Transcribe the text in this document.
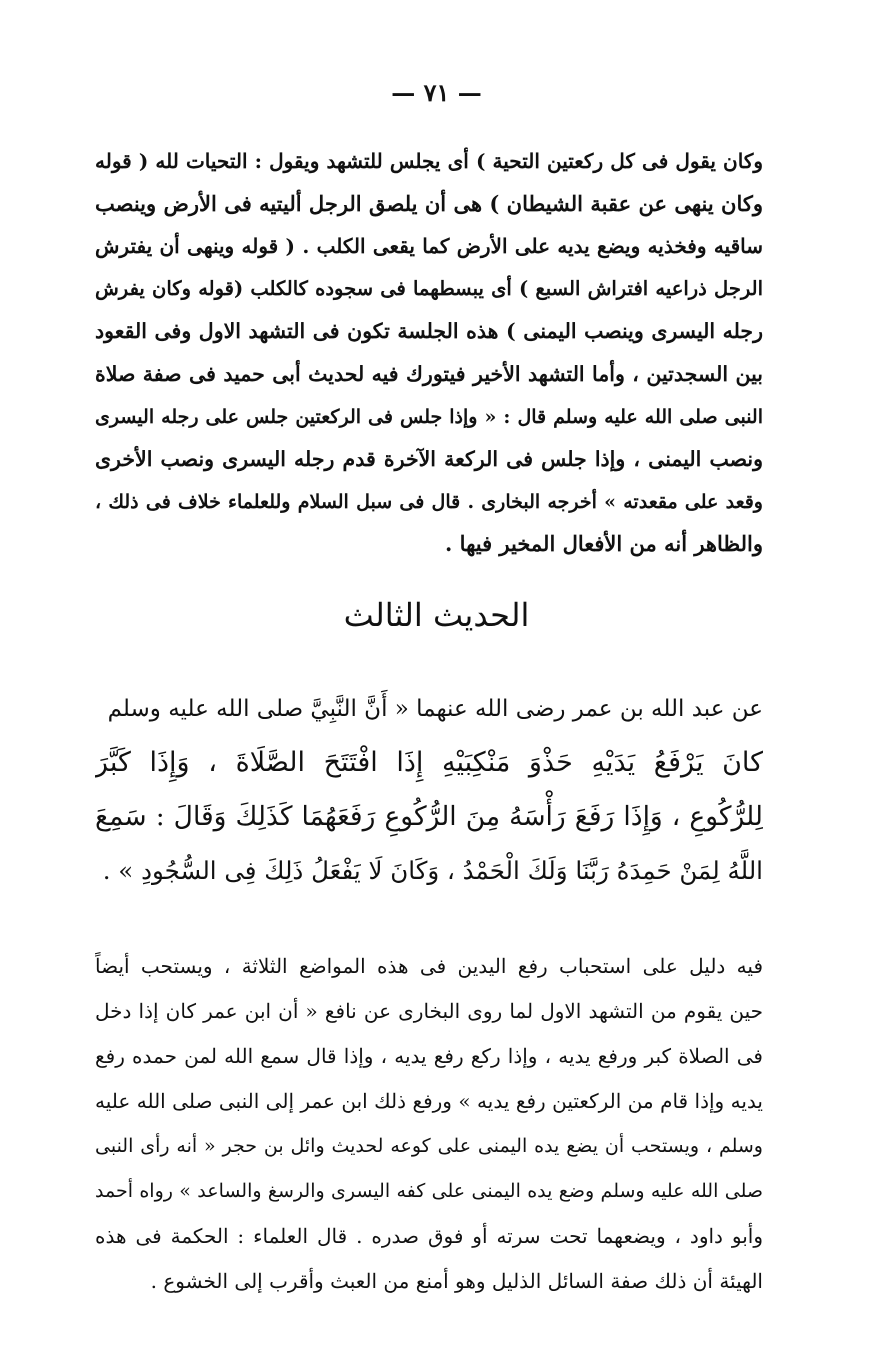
— ٧١ —
وكان يقول فى كل ركعتين التحية ) أى يجلس للتشهد ويقول : التحيات لله ( قوله
وكان ينهى عن عقبة الشيطان ) هى أن يلصق الرجل أليتيه فى الأرض وينصب
ساقيه وفخذيه ويضع يديه على الأرض كما يقعى الكلب . ( قوله وينهى أن يفترش
الرجل ذراعيه افتراش السبع ) أى يبسطهما فى سجوده كالكلب (قوله وكان يفرش
رجله اليسرى وينصب اليمنى ) هذه الجلسة تكون فى التشهد الاول وفى القعود
بين السجدتين ، وأما التشهد الأخير فيتورك فيه لحديث أبى حميد فى صفة صلاة
النبى صلى الله عليه وسلم قال : « وإذا جلس فى الركعتين جلس على رجله اليسرى
ونصب اليمنى ، وإذا جلس فى الركعة الآخرة قدم رجله اليسرى ونصب الأخرى
وقعد على مقعدته » أخرجه البخارى . قال فى سبل السلام وللعلماء خلاف فى ذلك ،
والظاهر أنه من الأفعال المخير فيها .
الحديث الثالث
عن عبد الله بن عمر رضى الله عنهما « أَنَّ النَّبِيَّ صلى الله عليه وسلم
كانَ يَرْفَعُ يَدَيْهِ حَذْوَ مَنْكِبَيْهِ إِذَا افْتَتَحَ الصَّلَاةَ ، وَإِذَا كَبَّرَ
لِلرُّكُوعِ ، وَإِذَا رَفَعَ رَأْسَهُ مِنَ الرُّكُوعِ رَفَعَهُمَا كَذَلِكَ وَقَالَ : سَمِعَ
اللَّهُ لِمَنْ حَمِدَهُ رَبَّنَا وَلَكَ الْحَمْدُ ، وَكَانَ لَا يَفْعَلُ ذَلِكَ فِى السُّجُودِ » .
فيه دليل على استحباب رفع اليدين فى هذه المواضع الثلاثة ، ويستحب أيضاً
حين يقوم من التشهد الاول لما روى البخارى عن نافع « أن ابن عمر كان إذا دخل
فى الصلاة كبر ورفع يديه ، وإذا ركع رفع يديه ، وإذا قال سمع الله لمن حمده رفع
يديه وإذا قام من الركعتين رفع يديه » ورفع ذلك ابن عمر إلى النبى صلى الله عليه
وسلم ، ويستحب أن يضع يده اليمنى على كوعه لحديث وائل بن حجر « أنه رأى النبى
صلى الله عليه وسلم وضع يده اليمنى على كفه اليسرى والرسغ والساعد » رواه أحمد
وأبو داود ، ويضعهما تحت سرته أو فوق صدره . قال العلماء : الحكمة فى هذه
الهيئة أن ذلك صفة السائل الذليل وهو أمنع من العبث وأقرب إلى الخشوع .
